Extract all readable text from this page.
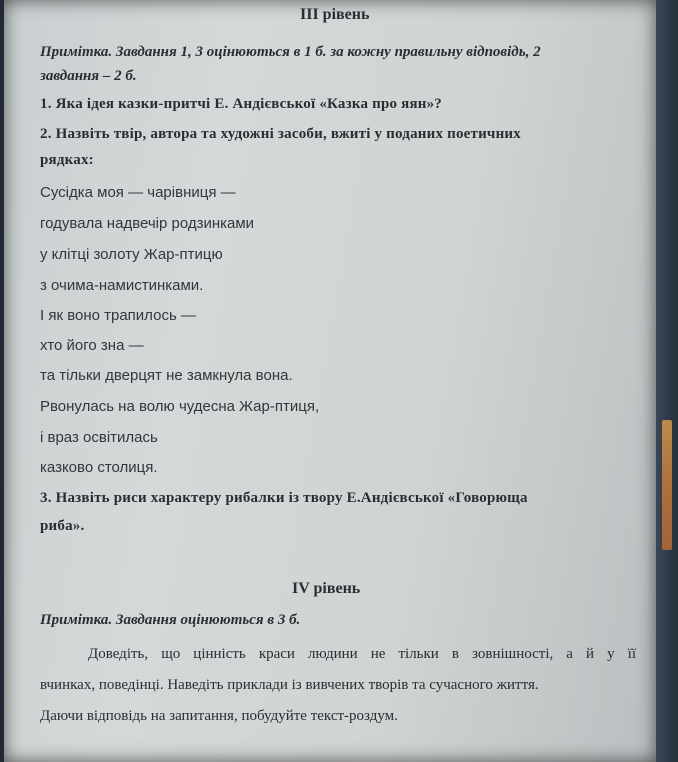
III рівень

Примітка. Завдання 1, 3 оцінюються в 1 б. за кожну правильну відповідь, 2

завдання – 2 б.

1. Яка ідея казки-притчі Е. Андієвської «Казка про яян»?

2. Назвіть твір, автора та художні засоби, вжиті у поданих поетичних

рядках:

Сусідка моя — чарівниця —

годувала надвечір родзинками

у клітці золоту Жар-птицю

з очима-намистинками.

І як воно трапилось —

хто його зна —

та тільки дверцят не замкнула вона.

Рвонулась на волю чудесна Жар-птиця,

і враз освітилась

казково столиця.

3. Назвіть риси характеру рибалки із твору Е.Андієвської «Говорюща

риба».

IV рівень

Примітка. Завдання оцінюються в 3 б.

Доведіть, що цінність краси людини не тільки в зовнішності, а й у її

вчинках, поведінці. Наведіть приклади із вивчених творів та сучасного життя.

Даючи відповідь на запитання, побудуйте текст-роздум.
